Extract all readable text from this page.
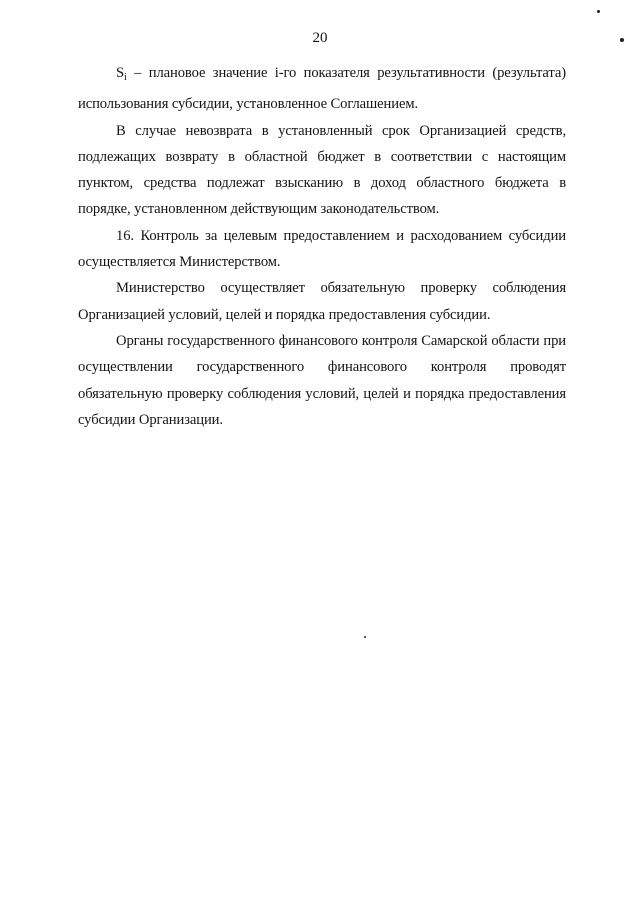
20

$S_i$ – плановое значение i-го показателя результативности (результата) использования субсидии, установленное Соглашением.

В случае невозврата в установленный срок Организацией средств, подлежащих возврату в областной бюджет в соответствии с настоящим пунктом, средства подлежат взысканию в доход областного бюджета в порядке, установленном действующим законодательством.

16. Контроль за целевым предоставлением и расходованием субсидии осуществляется Министерством.

Министерство осуществляет обязательную проверку соблюдения Организацией условий, целей и порядка предоставления субсидии.

Органы государственного финансового контроля Самарской области при осуществлении государственного финансового контроля проводят обязательную проверку соблюдения условий, целей и порядка предоставления субсидии Организации.
